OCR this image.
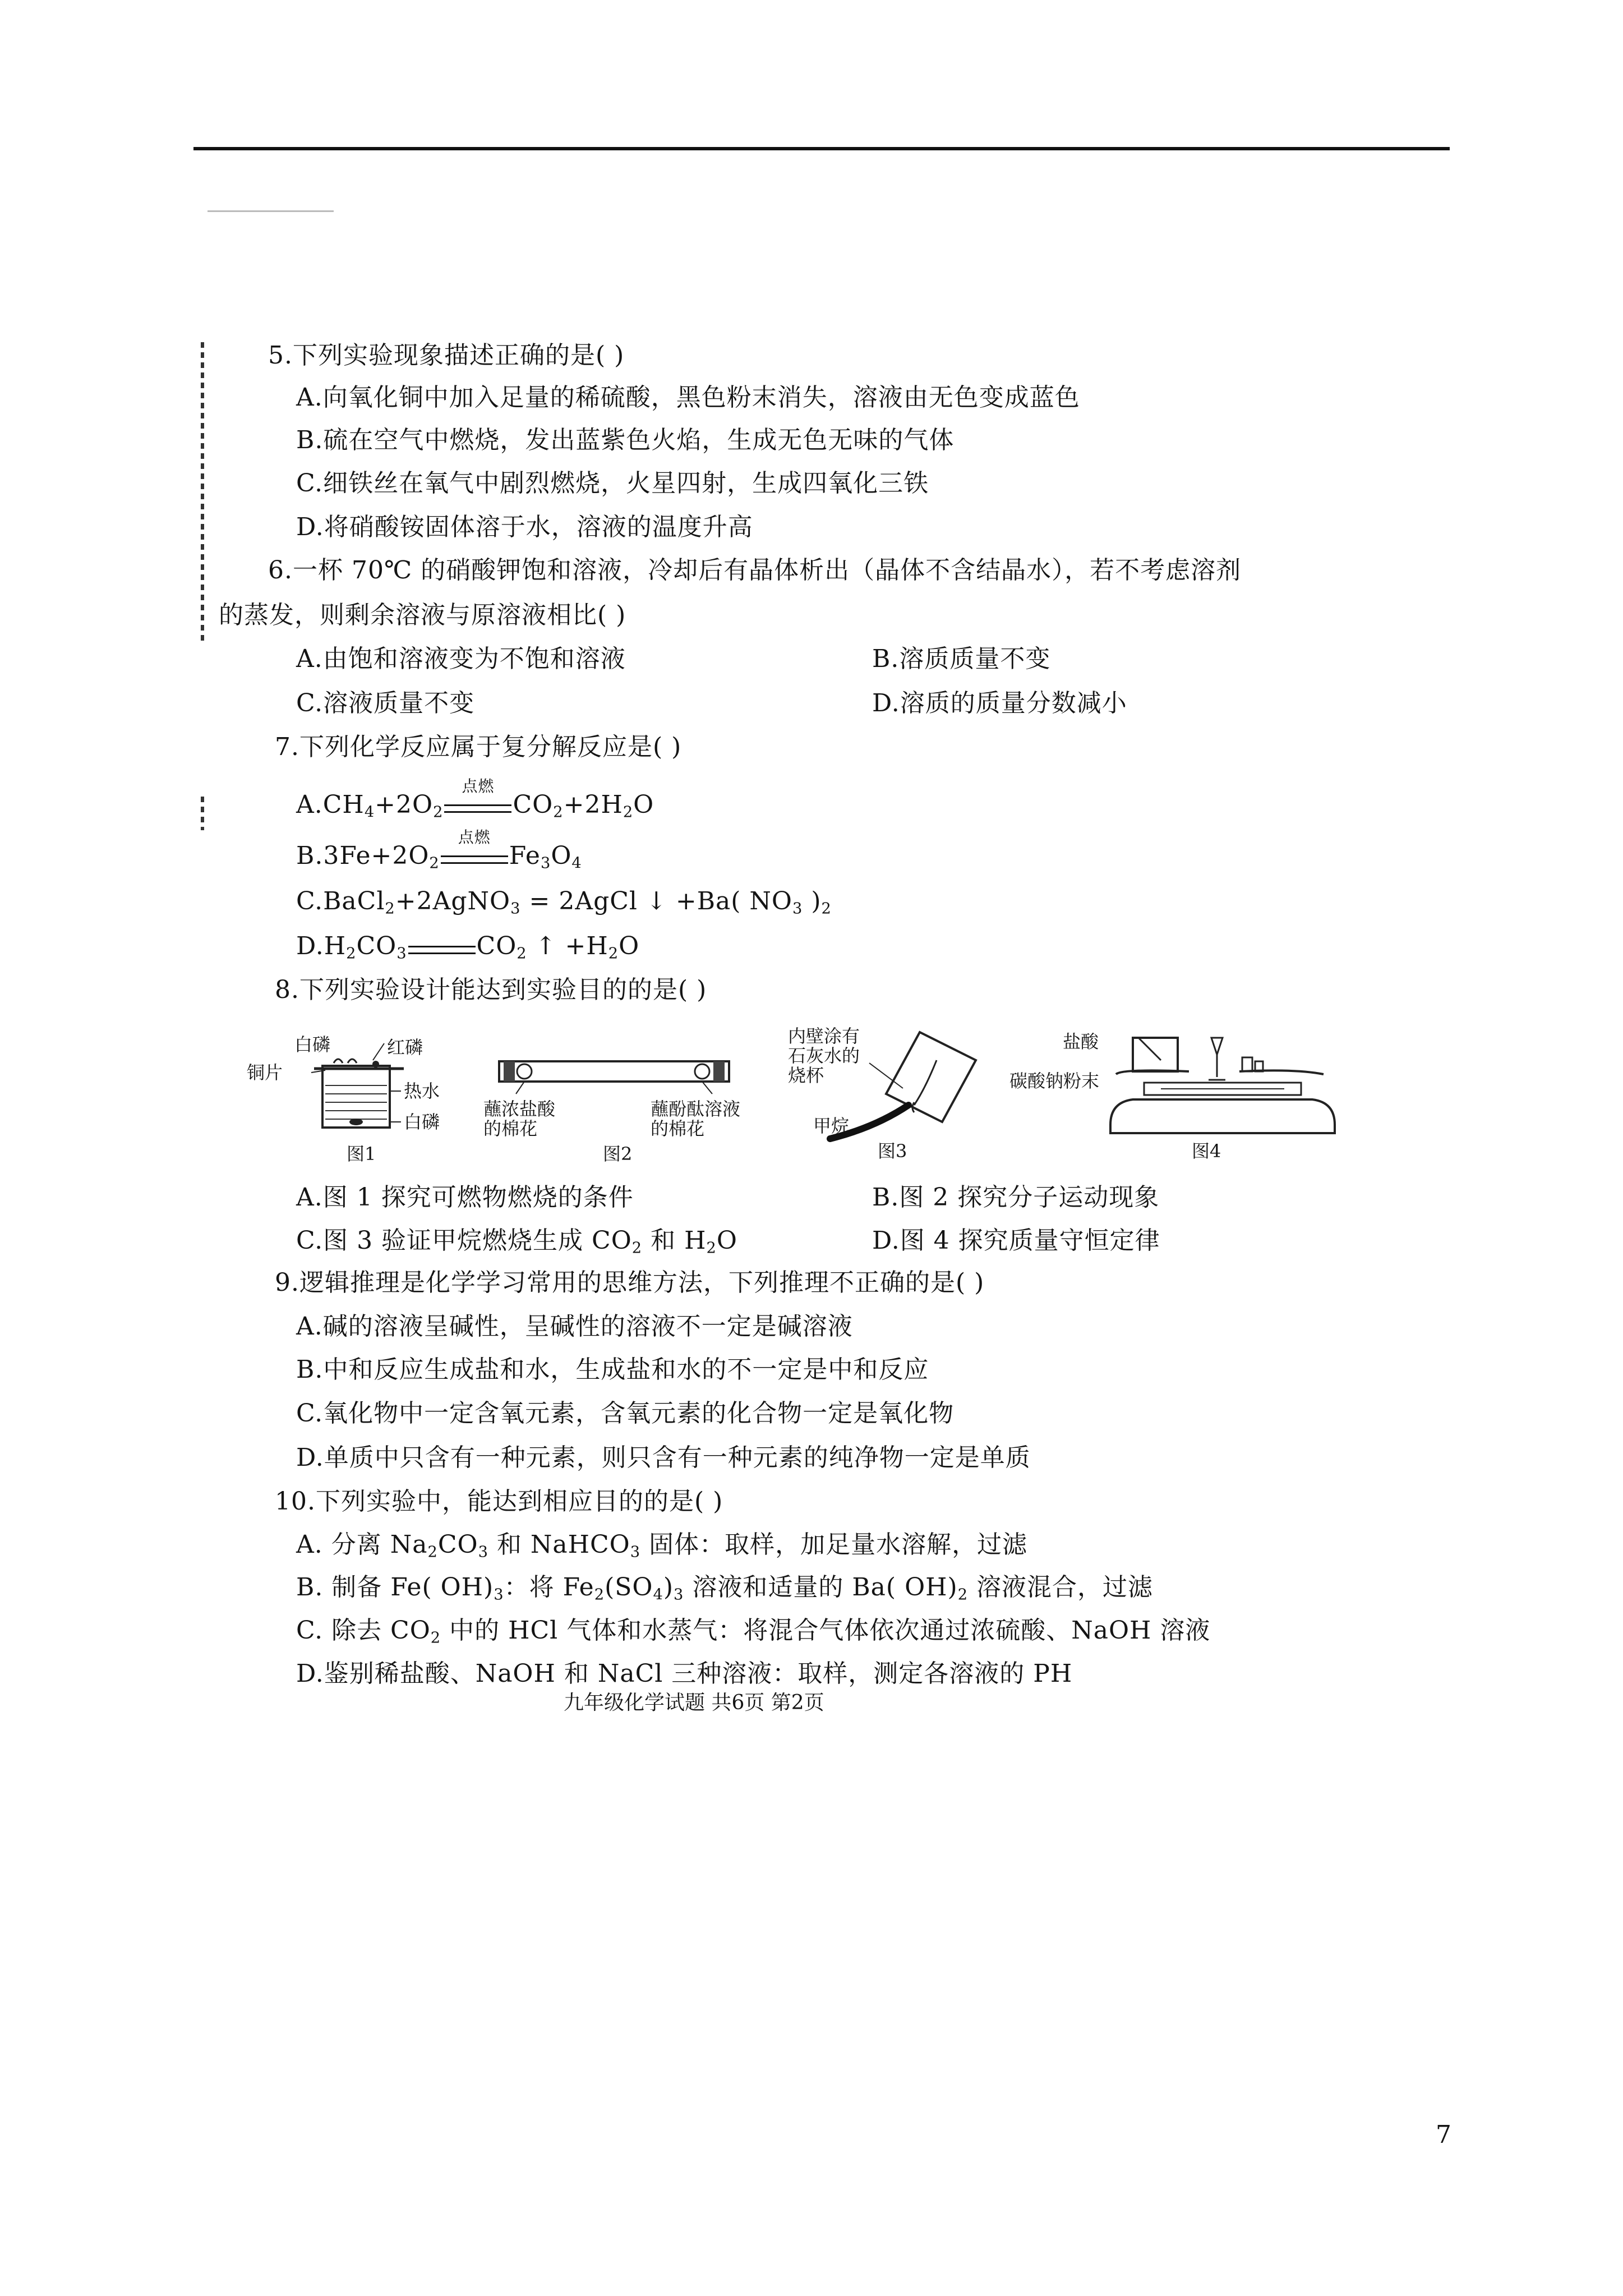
5.下列实验现象描述正确的是( )
A.向氧化铜中加入足量的稀硫酸，黑色粉末消失，溶液由无色变成蓝色
B.硫在空气中燃烧，发出蓝紫色火焰，生成无色无味的气体
C.细铁丝在氧气中剧烈燃烧，火星四射，生成四氧化三铁
D.将硝酸铵固体溶于水，溶液的温度升高
6.一杯 70℃ 的硝酸钾饱和溶液，冷却后有晶体析出（晶体不含结晶水），若不考虑溶剂
的蒸发，则剩余溶液与原溶液相比( )
A.由饱和溶液变为不饱和溶液	B.溶质质量不变
C.溶液质量不变	D.溶质的质量分数减小
7.下列化学反应属于复分解反应是( )
$A.CH_4+2O_2$
点燃
$CO_2+2H_2O$
$B.3Fe+2O_2$
点燃
$Fe_3O_4$
C.BaCl$_2$+2AgNO$_3$ = 2AgCl ↓ +Ba( $NO_3$ )$_2$
$D.H_2CO_3$	$CO_2$ ↑ $+H_2O$
8.下列实验设计能达到实验目的的是( )
白磷	红磷
铜片
热水
白磷
图1
蘸浓盐酸
的棉花
蘸酚酞溶液
的棉花
图2
内壁涂有
石灰水的
烧杯
甲烷
图3
盐酸
碳酸钠粉末
图4
A.图 1 探究可燃物燃烧的条件	B.图 2 探究分子运动现象
C.图 3 验证甲烷燃烧生成 $CO_2$ 和 $H_2O$	D.图 4 探究质量守恒定律
9.逻辑推理是化学学习常用的思维方法，下列推理不正确的是( )
A.碱的溶液呈碱性，呈碱性的溶液不一定是碱溶液
B.中和反应生成盐和水，生成盐和水的不一定是中和反应
C.氧化物中一定含氧元素，含氧元素的化合物一定是氧化物
D.单质中只含有一种元素，则只含有一种元素的纯净物一定是单质
10.下列实验中，能达到相应目的的是( )
A. 分离 $Na_2CO_3$ 和 NaHCO$_3$ 固体：取样，加足量水溶解，过滤
B. 制备 Fe( $OH)_3$：将 $Fe_2(SO_4)_3$ 溶液和适量的 Ba( $OH)_2$ 溶液混合，过滤
C. 除去 $CO_2$ 中的 HCl 气体和水蒸气：将混合气体依次通过浓硫酸、NaOH 溶液
D.鉴别稀盐酸、NaOH 和 NaCl 三种溶液：取样，测定各溶液的 PH
九年级化学试题 共6页 第2页
7
